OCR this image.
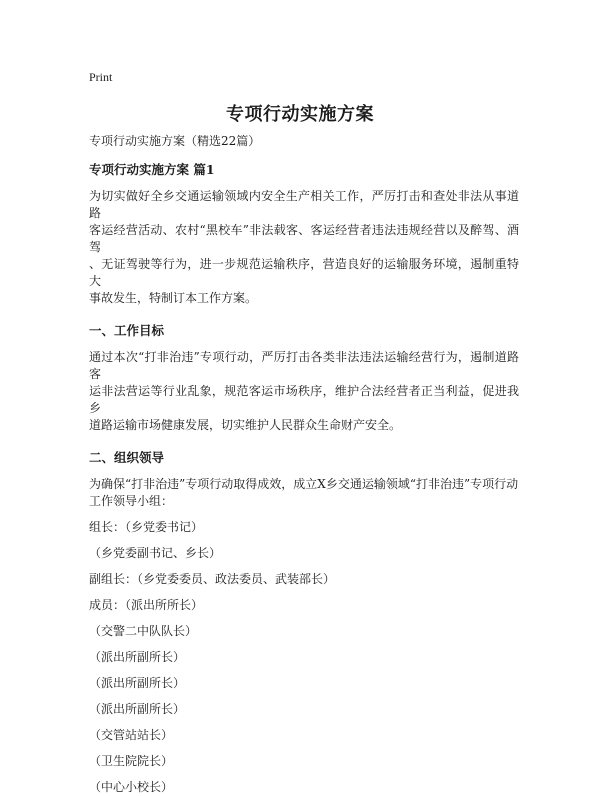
Print
专项行动实施方案
专项行动实施方案（精选22篇）
专项行动实施方案 篇1
为切实做好全乡交通运输领域内安全生产相关工作，严厉打击和查处非法从事道路
客运经营活动、农村“黑校车”非法载客、客运经营者违法违规经营以及醉驾、酒驾
、无证驾驶等行为，进一步规范运输秩序，营造良好的运输服务环境，遏制重特大
事故发生，特制订本工作方案。
一、工作目标
通过本次“打非治违”专项行动，严厉打击各类非法违法运输经营行为，遏制道路客
运非法营运等行业乱象，规范客运市场秩序，维护合法经营者正当利益，促进我乡
道路运输市场健康发展，切实维护人民群众生命财产安全。
二、组织领导
为确保“打非治违”专项行动取得成效，成立X乡交通运输领域“打非治违”专项行动
工作领导小组：
组长：（乡党委书记）
（乡党委副书记、乡长）
副组长：（乡党委委员、政法委员、武装部长）
成员：（派出所所长）
（交警二中队队长）
（派出所副所长）
（派出所副所长）
（派出所副所长）
（交管站站长）
（卫生院院长）
（中心小校长）
